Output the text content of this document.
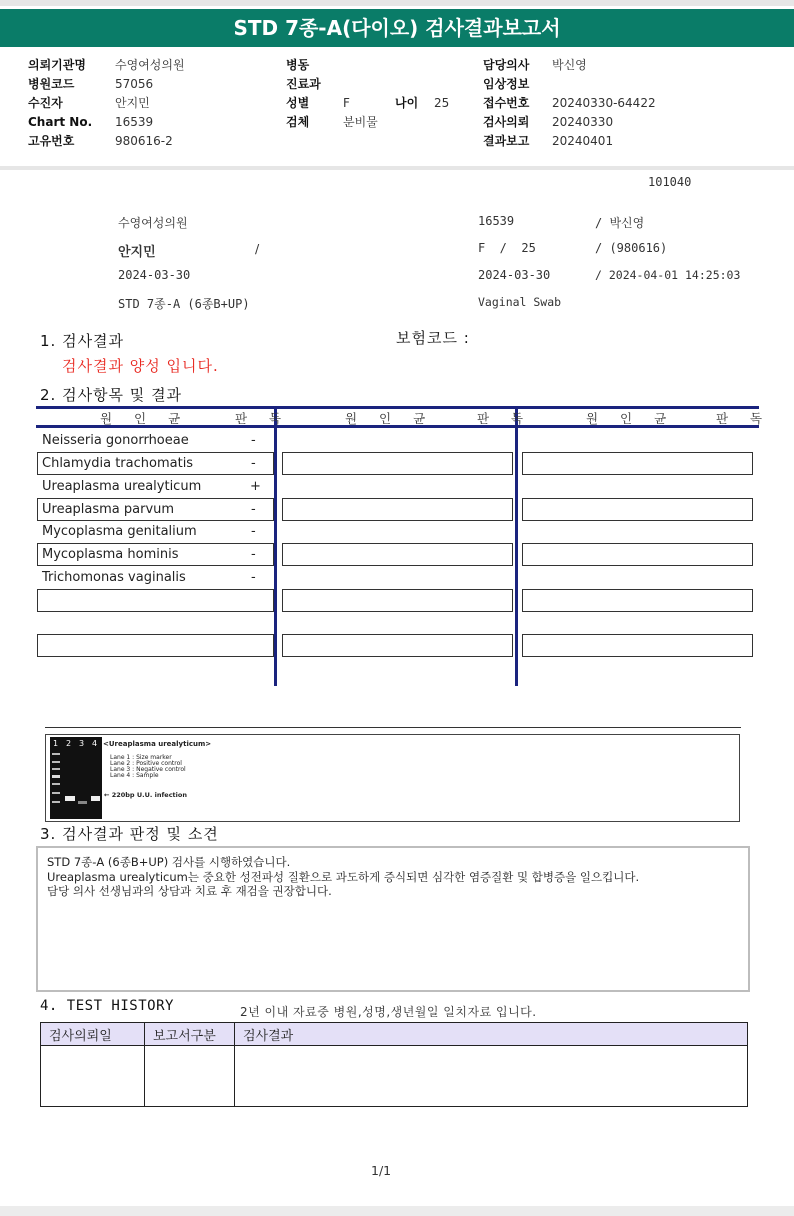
STD 7종-A(다이오) 검사결과보고서
의뢰기관명 수영여성의원
병원코드	57056
수진자	안지민
Chart No. 16539
고유번호	980616-2
병동
진료과
성별	F	나이 25
검체	분비물
담당의사 박신영
임상정보
접수번호 20240330-64422
검사의뢰 20240330
결과보고 20240401
101040
수영여성의원
안지민	/
2024-03-30
STD 7종-A (6종B+UP)
16539	/ 박신영
F  /  25	/ (980616)
2024-03-30	/ 2024-04-01 14:25:03
Vaginal Swab
1. 검사결과	보험코드 :
검사결과 양성 입니다.
2. 검사항목 및 결과
원 인 균	판 독	원 인 균	판 독	원 인 균	판 독
Neisseria gonorrhoeae	-
Chlamydia trachomatis	-
Ureaplasma urealyticum	+
Ureaplasma parvum	-
Mycoplasma genitalium	-
Mycoplasma hominis	-
Trichomonas vaginalis	-
1 2 3 4 <Ureaplasma urealyticum>
Lane 1 : Size marker
Lane 2 : Positive control
Lane 3 : Negative control
Lane 4 : Sample
← 220bp U.U. infection
3. 검사결과 판정 및 소견
STD 7종-A (6종B+UP) 검사를 시행하였습니다.
Ureaplasma urealyticum는 중요한 성전파성 질환으로 과도하게 증식되면 심각한 염증질환 및 합병증을 일으킵니다.
담당 의사 선생님과의 상담과 치료 후 재검을 권장합니다.
4. TEST HISTORY	2년 이내 자료중 병원,성명,생년월일 일치자료 입니다.
검사의뢰일	보고서구분	검사결과

1/1
